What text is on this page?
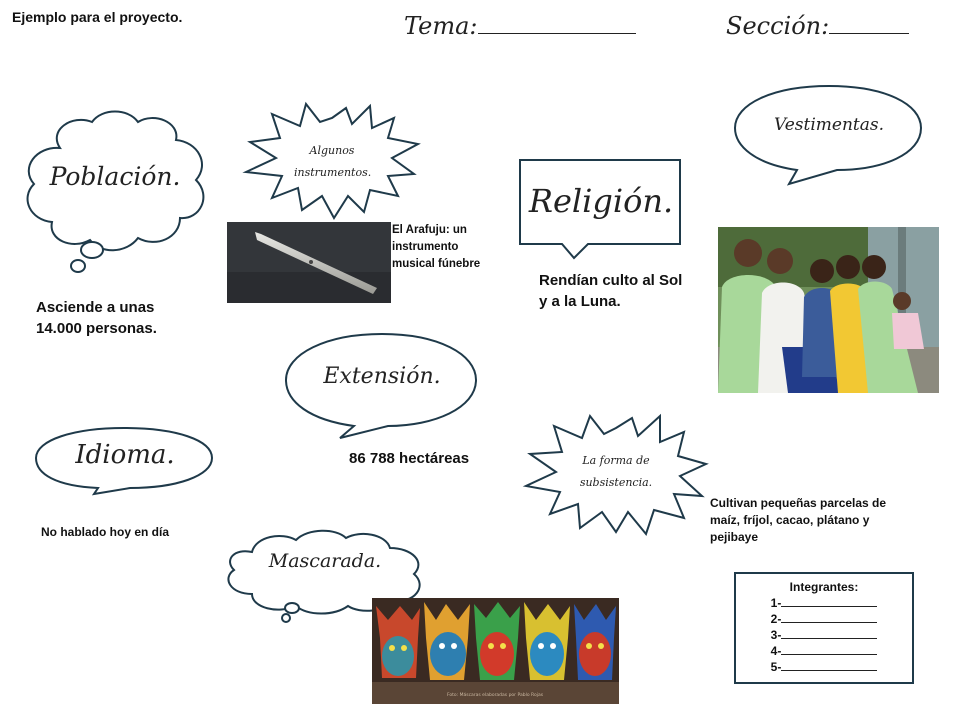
Ejemplo para el proyecto.	Tema:	Sección:
Población.
Asciende a unas 14.000 personas.
Algunos instrumentos.
El Arafuju: un instrumento musical fúnebre
Religión.
Rendían culto al Sol y a la Luna.
Vestimentas.
Extensión.
86 788 hectáreas
Idioma.
No hablado hoy en día
La forma de subsistencia.
Cultivan pequeñas parcelas de maíz, fríjol, cacao, plátano y pejibaye
Mascarada.
Foto: Máscaras elaboradas por Pablo Rojas
Integrantes:
1-
2-
3-
4-
5-
